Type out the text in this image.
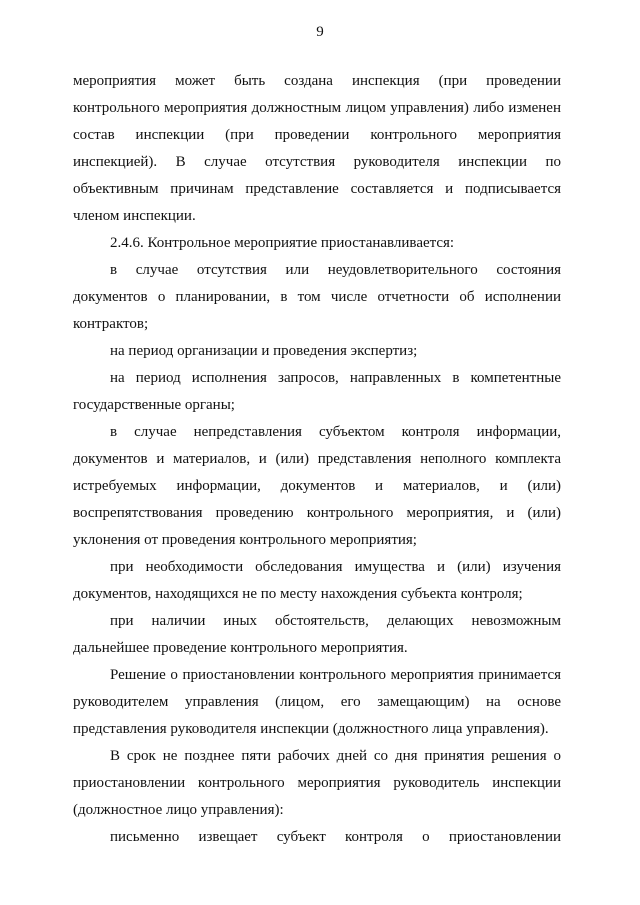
9
мероприятия может быть создана инспекция (при проведении
контрольного мероприятия должностным лицом управления) либо изменен
состав инспекции (при проведении контрольного мероприятия
инспекцией). В случае отсутствия руководителя инспекции по
объективным причинам представление составляется и подписывается
членом инспекции.
2.4.6. Контрольное мероприятие приостанавливается:
в случае отсутствия или неудовлетворительного состояния
документов о планировании, в том числе отчетности об исполнении
контрактов;
на период организации и проведения экспертиз;
на период исполнения запросов, направленных в компетентные
государственные органы;
в случае непредставления субъектом контроля информации,
документов и материалов, и (или) представления неполного комплекта
истребуемых информации, документов и материалов, и (или)
воспрепятствования проведению контрольного мероприятия, и (или)
уклонения от проведения контрольного мероприятия;
при необходимости обследования имущества и (или) изучения
документов, находящихся не по месту нахождения субъекта контроля;
при наличии иных обстоятельств, делающих невозможным
дальнейшее проведение контрольного мероприятия.
Решение о приостановлении контрольного мероприятия принимается
руководителем управления (лицом, его замещающим) на основе
представления руководителя инспекции (должностного лица управления).
В срок не позднее пяти рабочих дней со дня принятия решения о
приостановлении контрольного мероприятия руководитель инспекции
(должностное лицо управления):
письменно извещает субъект контроля о приостановлении
